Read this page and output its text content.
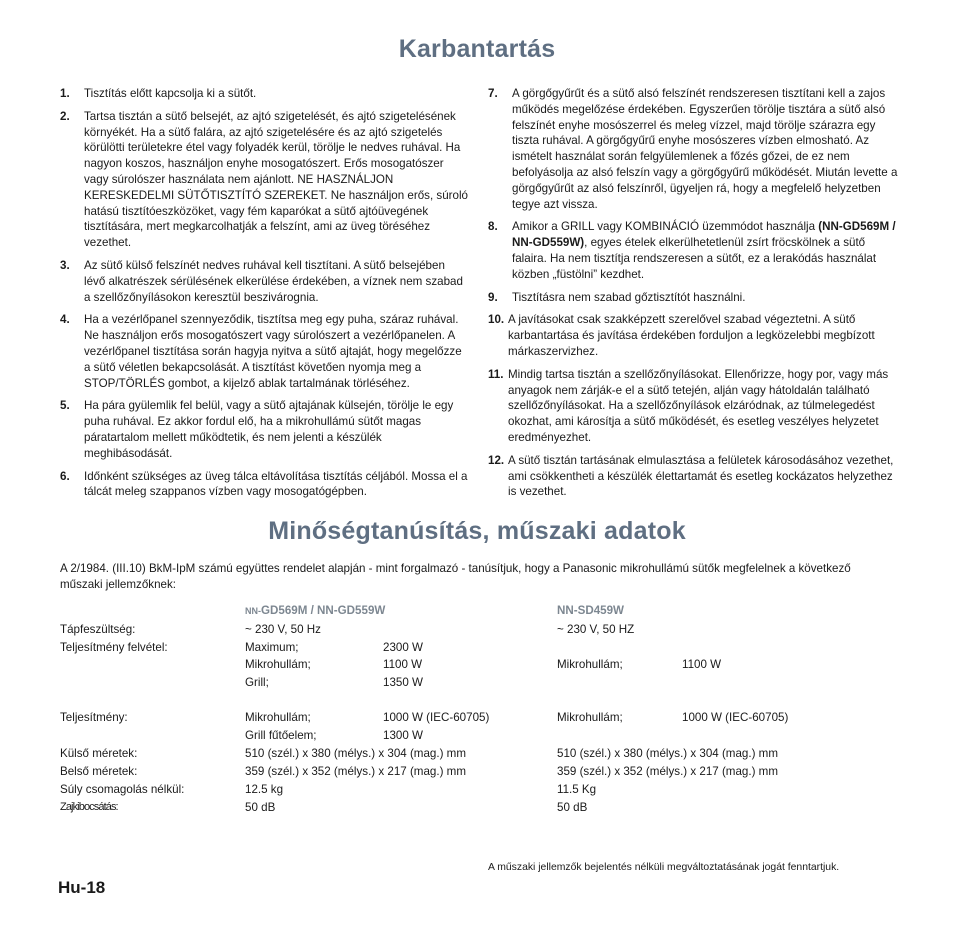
Karbantartás
1.	Tisztítás előtt kapcsolja ki a sütőt.
2.	Tartsa tisztán a sütő belsejét, az ajtó szigetelését, és ajtó szigetelésének környékét. Ha a sütő falára, az ajtó szigetelésére és az ajtó szigetelés körülötti területekre étel vagy folyadék kerül, törölje le nedves ruhával. Ha nagyon koszos, használjon enyhe mosogatószert. Erős mosogatószer vagy súrolószer használata nem ajánlott. NE HASZNÁLJON KERESKEDELMI SÜTŐTISZTÍTÓ SZEREKET. Ne használjon erős, súroló hatású tisztítóeszközöket, vagy fém kaparókat a sütő ajtóüvegének tisztítására, mert megkarcolhatják a felszínt, ami az üveg töréséhez vezethet.
3.	Az sütő külső felszínét nedves ruhával kell tisztítani. A sütő belsejében lévő alkatrészek sérülésének elkerülése érdekében, a víznek nem szabad a szellőzőnyílásokon keresztül beszivárognia.
4.	Ha a vezérlőpanel szennyeződik, tisztítsa meg egy puha, száraz ruhával. Ne használjon erős mosogatószert vagy súrolószert a vezérlőpanelen. A vezérlőpanel tisztítása során hagyja nyitva a sütő ajtaját, hogy megelőzze a sütő véletlen bekapcsolását. A tisztítást követően nyomja meg a STOP/TÖRLÉS gombot, a kijelző ablak tartalmának törléséhez.
5.	Ha pára gyülemlik fel belül, vagy a sütő ajtajának külsején, törölje le egy puha ruhával. Ez akkor fordul elő, ha a mikrohullámú sütőt magas páratartalom mellett működtetik, és nem jelenti a készülék meghibásodását.
6.	Időnként szükséges az üveg tálca eltávolítása tisztítás céljából. Mossa el a tálcát meleg szappanos vízben vagy mosogatógépben.
7.	A görgőgyűrűt és a sütő alsó felszínét rendszeresen tisztítani kell a zajos működés megelőzése érdekében. Egyszerűen törölje tisztára a sütő alsó felszínét enyhe mosószerrel és meleg vízzel, majd törölje szárazra egy tiszta ruhával. A görgőgyűrű enyhe mosószeres vízben elmosható. Az ismételt használat során felgyülemlenek a főzés gőzei, de ez nem befolyásolja az alsó felszín vagy a görgőgyűrű működését. Miután levette a görgőgyűrűt az alsó felszínről, ügyeljen rá, hogy a megfelelő helyzetben tegye azt vissza.
8.	Amikor a GRILL vagy KOMBINÁCIÓ üzemmódot használja (NN-GD569M / NN-GD559W), egyes ételek elkerülhetetlenül zsírt fröcskölnek a sütő falaira. Ha nem tisztítja rendszeresen a sütőt, ez a lerakódás használat közben „füstölni” kezdhet.
9.	Tisztításra nem szabad gőztisztítót használni.
10. A javításokat csak szakképzett szerelővel szabad végeztetni. A sütő karbantartása és javítása érdekében forduljon a legközelebbi megbízott márkaszervizhez.
11. Mindig tartsa tisztán a szellőzőnyílásokat. Ellenőrizze, hogy por, vagy más anyagok nem zárják-e el a sütő tetején, alján vagy hátoldalán található szellőzőnyílásokat. Ha a szellőzőnyílások elzáródnak, az túlmelegedést okozhat, ami károsítja a sütő működését, és esetleg veszélyes helyzetet eredményezhet.
12. A sütő tisztán tartásának elmulasztása a felületek károsodásához vezethet, ami csökkentheti a készülék élettartamát és esetleg kockázatos helyzethez is vezethet.
Minőségtanúsítás, műszaki adatok
A 2/1984. (III.10) BkM-IpM számú együttes rendelet alapján - mint forgalmazó - tanúsítjuk, hogy a Panasonic mikrohullámú sütők megfelelnek a következő műszaki jellemzőknek:
NN-GD569M / NN-GD559W	NN-SD459W
Tápfeszültség:	~ 230 V, 50 Hz	~ 230 V, 50 HZ
Teljesítmény felvétel:	Maximum;	2300 W
Mikrohullám;	1100 W	Mikrohullám;	1100 W
Grill;	1350 W
Teljesítmény:	Mikrohullám;	1000 W (IEC-60705)	Mikrohullám;	1000 W (IEC-60705)
Grill fűtőelem;	1300 W
Külső méretek:	510 (szél.) x 380 (mélys.) x 304 (mag.) mm	510 (szél.) x 380 (mélys.) x 304 (mag.) mm
Belső méretek:	359 (szél.) x 352 (mélys.) x 217 (mag.) mm	359 (szél.) x 352 (mélys.) x 217 (mag.) mm
Súly csomagolás nélkül:	12.5 kg	11.5 Kg
Zajkibocsátás:	50 dB	50 dB
A műszaki jellemzők bejelentés nélküli megváltoztatásának jogát fenntartjuk.
Hu-18
